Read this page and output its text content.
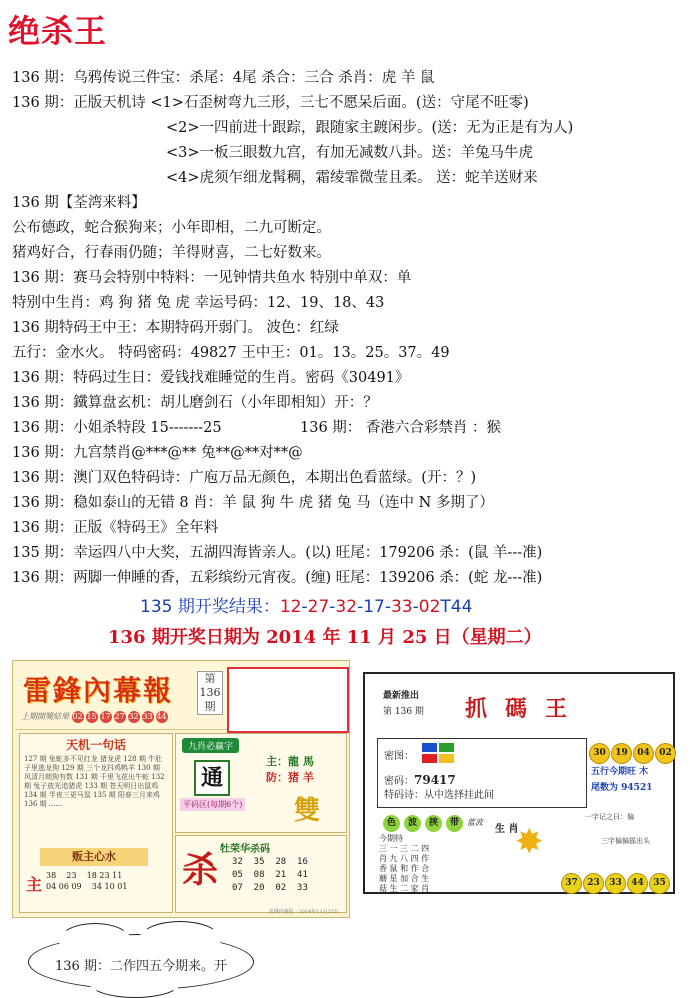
绝杀王
136 期：乌鸦传说三件宝：杀尾：4尾 杀合：三合 杀肖：虎 羊 鼠
136 期：正版天机诗 <1>石歪树弯九三形，三七不愿呆后面。(送：守尾不旺零)
<2>一四前进十跟踪，跟随家主踱闲步。(送：无为正是有为人)
<3>一板三眼数九宫，有加无减数八卦。送：羊兔马牛虎
<4>虎须乍细龙髯稠，霜绫霏微莹且柔。 送：蛇羊送财来
136 期【荃湾来料】
公布德政，蛇合猴狗来；小年即相，二九可断定。
猪鸡好合，行春雨仍随；羊得财喜，二七好数来。
136 期：赛马会特别中特料：一见钟情共鱼水 特别中单双：单
特别中生肖：鸡 狗 猪 兔 虎 幸运号码：12、19、18、43
136 期特码王中王：本期特码开弱门。 波色：红绿
五行：金水火。 特码密码：49827 王中王：01。13。25。37。49
136 期：特码过生日：爱钱找难睡觉的生肖。密码《30491》
136 期：鐵算盘玄机：胡儿磨剑石（小年即相知）开：？
136 期：小姐杀特段 15-------25	136 期： 香港六合彩禁肖 ：猴
136 期：九宫禁肖@***@** 兔**@**对**@
136 期：澳门双色特码诗：广庖万品无颜色，本期出色看蓝绿。(开：？)
136 期：稳如泰山的无错 8 肖：羊 鼠 狗 牛 虎 猪 兔 马（连中 N 多期了）
136 期：正版《特码王》全年料
135 期：幸运四八中大奖，五湖四海皆亲人。(以) 旺尾：179206 杀：(鼠 羊---准)
136 期：两脚一伸睡的香，五彩缤纷元宵夜。(缠) 旺尾：139206 杀：(蛇 龙---准)
135 期开奖结果：12-27-32-17-33-02T44
136 期开奖日期为 2014 年 11 月 25 日（星期二）
雷鋒內幕報	第136期
上期開獎結果 02 15 17 27 32 33 44
天机一句话
127 期 兔蛇多不见红龙 猪龙虎 128 期 牛肚子里逃龙狗 129 期 三个龙抖鸡鸭羊 130 期 风清月朗狗有数 131 期 千里飞花出牛蛇 132 期 兔子放光追猪虎 133 期 苍天明日出鼠鸡 134 期 半夜三更马鼠 135 期 阳春三月来鸡 136 期 ......
贩主心水
主 38    23    18 23 11
04 06 09    34 10 01
九肖必赢字
通
主：龍 馬
防：猪 羊
平码区(每期6个) 雙
杀 牡荣华杀码
32  35  28  16
05  08  21  41
07  20  02  33
雷锋内幕报 · 2014年11月25日
最新推出
第 136 期 抓碼王
密图：
密码：79417
特码诗：从中选择挂此间
30 19 04 02
五行今期旺 木
尾数为 94521
色 波 挟 带 蓝波
今期特
三 一 三 二 四
肖 九 八 四 作
香 鼠 和 作 合
蘑 星 加 合 生
菇 生 二 家 肖
生 肖
✸
一字记之曰：偏
三字偏偏摇出头
37 23 33 44 35
136 期：二作四五今期来。开
